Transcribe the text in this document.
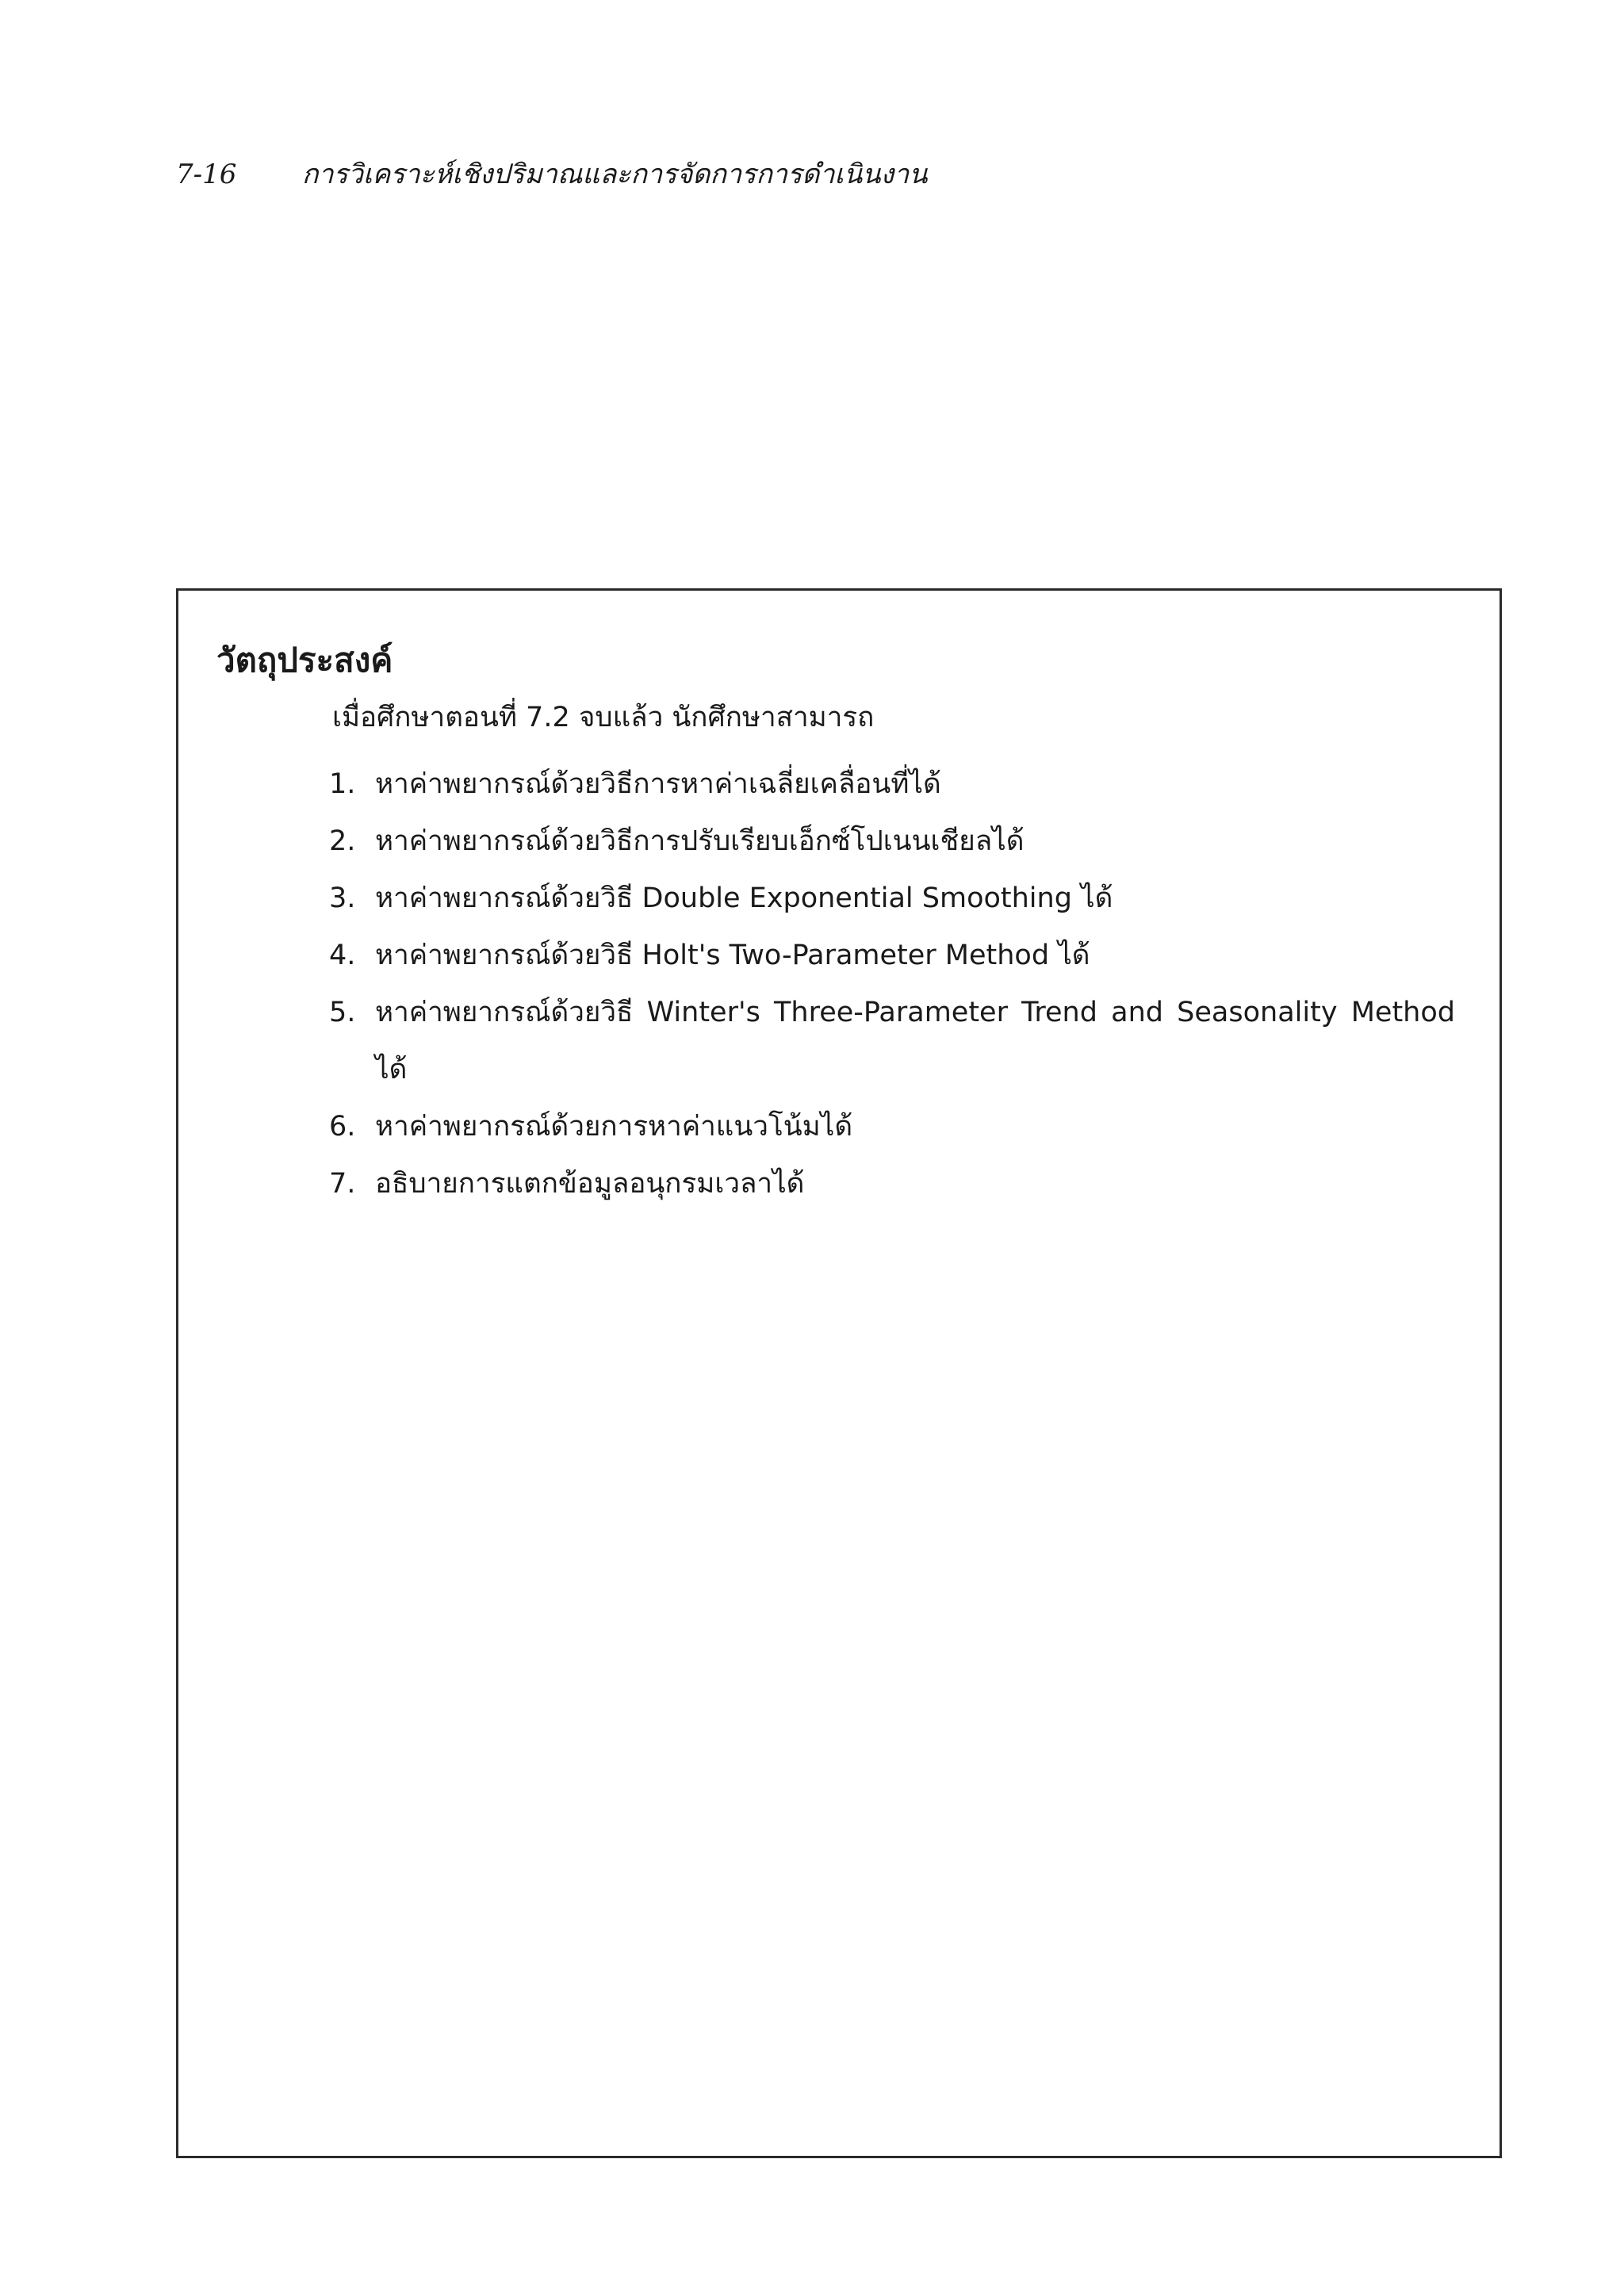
7-16 การวิเคราะห์เชิงปริมาณและการจัดการการดำเนินงาน
วัตถุประสงค์
เมื่อศึกษาตอนที่ 7.2 จบแล้ว นักศึกษาสามารถ
1. หาค่าพยากรณ์ด้วยวิธีการหาค่าเฉลี่ยเคลื่อนที่ได้
2. หาค่าพยากรณ์ด้วยวิธีการปรับเรียบเอ็กซ์โปเนนเชียลได้
3. หาค่าพยากรณ์ด้วยวิธี Double Exponential Smoothing ได้
4. หาค่าพยากรณ์ด้วยวิธี Holt's Two-Parameter Method ได้
5. หาค่าพยากรณ์ด้วยวิธี Winter's Three-Parameter Trend and Seasonality Method ได้
6. หาค่าพยากรณ์ด้วยการหาค่าแนวโน้มได้
7. อธิบายการแตกข้อมูลอนุกรมเวลาได้
